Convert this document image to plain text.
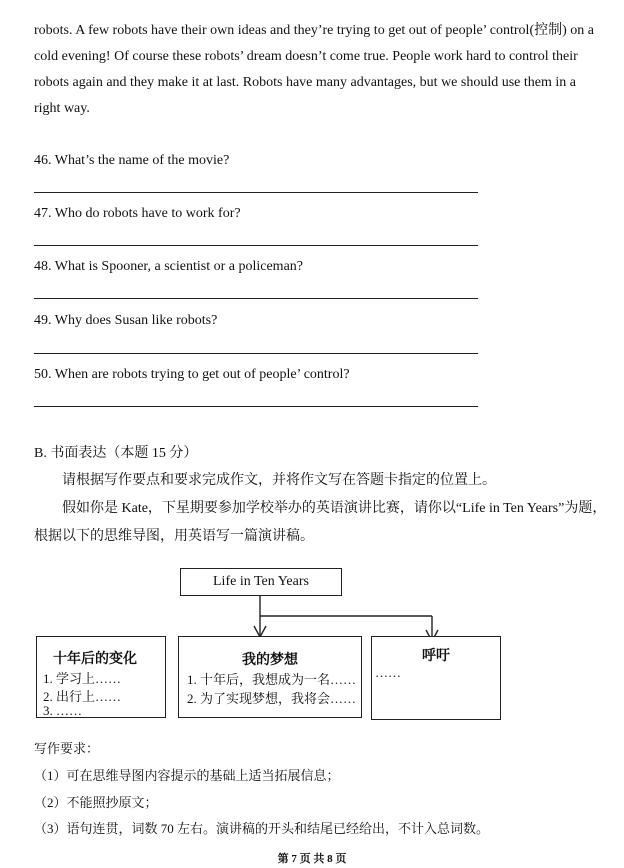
robots. A few robots have their own ideas and they’re trying to get out of people’ control(控制) on a cold evening! Of course these robots’ dream doesn’t come true. People work hard to control their robots again and they make it at last. Robots have many advantages, but we should use them in a right way.
46. What’s the name of the movie?
47. Who do robots have to work for?
48. What is Spooner, a scientist or a policeman?
49. Why does Susan like robots?
50. When are robots trying to get out of people’ control?
B. 书面表达（本题 15 分）
请根据写作要点和要求完成作文，并将作文写在答题卡指定的位置上。
假如你是 Kate，下星期要参加学校举办的英语演讲比赛，请你以“Life in Ten Years”为题，
根据以下的思维导图，用英语写一篇演讲稿。
Life in Ten Years
十年后的变化
1. 学习上……
2. 出行上……
3. ……
我的梦想
1. 十年后，我想成为一名……
2. 为了实现梦想，我将会……
呼吁
……
写作要求：
（1）可在思维导图内容提示的基础上适当拓展信息；
（2）不能照抄原文；
（3）语句连贯，词数 70 左右。演讲稿的开头和结尾已经给出，不计入总词数。
第 7 页 共 8 页
